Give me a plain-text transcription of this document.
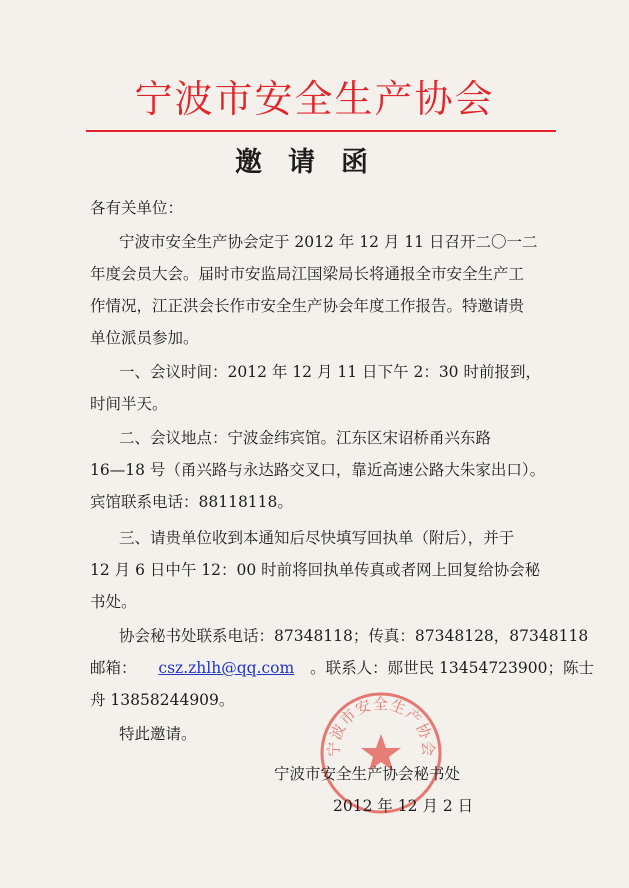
宁波市安全生产协会
邀请函
各有关单位：
宁波市安全生产协会定于 2012 年 12 月 11 日召开二〇一二
年度会员大会。届时市安监局江国梁局长将通报全市安全生产工
作情况，江正洪会长作市安全生产协会年度工作报告。特邀请贵
单位派员参加。
一、会议时间：2012 年 12 月 11 日下午 2：30 时前报到，
时间半天。
二、会议地点：宁波金纬宾馆。江东区宋诏桥甬兴东路
16—18 号（甬兴路与永达路交叉口，靠近高速公路大朱家出口）。
宾馆联系电话：88118118。
三、请贵单位收到本通知后尽快填写回执单（附后），并于
12 月 6 日中午 12：00 时前将回执单传真或者网上回复给协会秘
书处。
协会秘书处联系电话：87348118；传真：87348128，87348118
邮箱： csz.zhlh@qq.com 。联系人：郧世民 13454723900；陈士
舟 13858244909。
特此邀请。
宁波市安全生产协会
宁波市安全生产协会秘书处
2012 年 12 月 2 日
